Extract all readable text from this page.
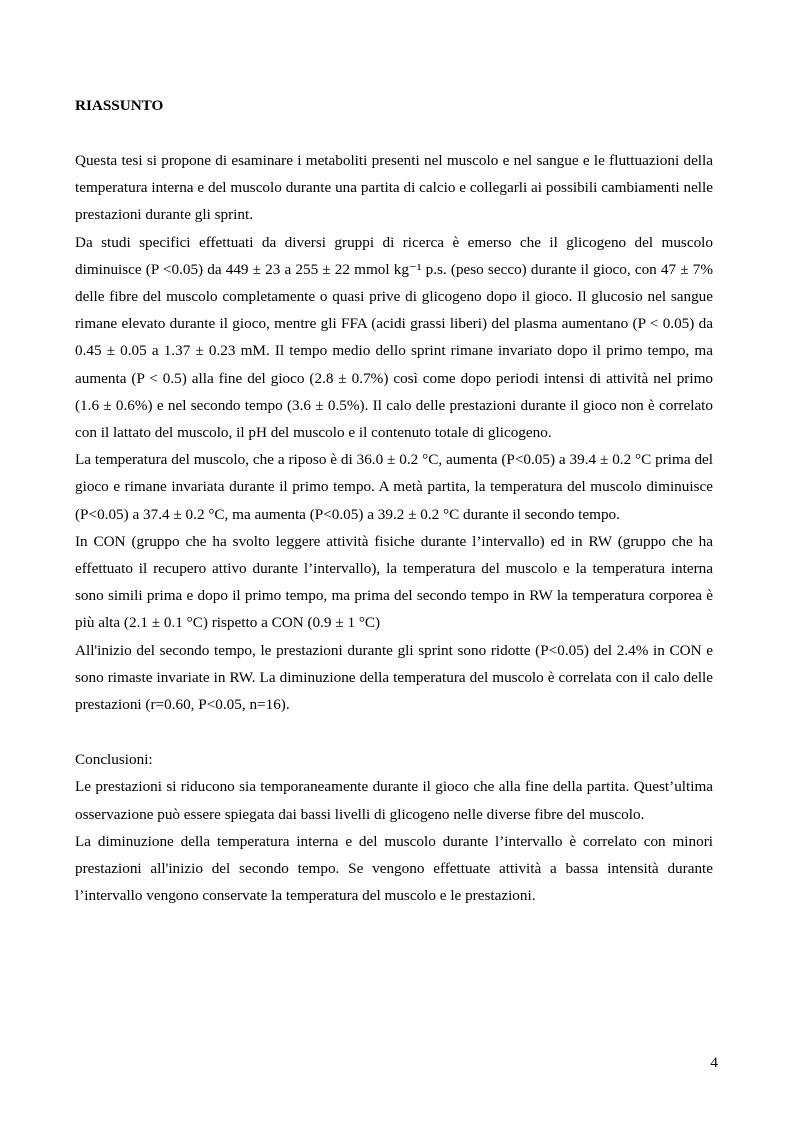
RIASSUNTO

Questa tesi si propone di esaminare i metaboliti presenti nel muscolo e nel sangue e le fluttuazioni della temperatura interna e del muscolo durante una partita di calcio e collegarli ai possibili cambiamenti nelle prestazioni durante gli sprint.

Da studi specifici effettuati da diversi gruppi di ricerca è emerso che il glicogeno del muscolo diminuisce (P <0.05) da 449 ± 23 a 255 ± 22 mmol kg⁻¹ p.s. (peso secco) durante il gioco, con 47 ± 7% delle fibre del muscolo completamente o quasi prive di glicogeno dopo il gioco. Il glucosio nel sangue rimane elevato durante il gioco, mentre gli FFA (acidi grassi liberi) del plasma aumentano (P < 0.05) da 0.45 ± 0.05 a 1.37 ± 0.23 mM. Il tempo medio dello sprint rimane invariato dopo il primo tempo, ma aumenta (P < 0.5) alla fine del gioco (2.8 ± 0.7%) così come dopo periodi intensi di attività nel primo (1.6 ± 0.6%) e nel secondo tempo (3.6 ± 0.5%). Il calo delle prestazioni durante il gioco non è correlato con il lattato del muscolo, il pH del muscolo e il contenuto totale di glicogeno.

La temperatura del muscolo, che a riposo è di 36.0 ± 0.2 °C, aumenta (P<0.05) a 39.4 ± 0.2 °C prima del gioco e rimane invariata durante il primo tempo. A metà partita, la temperatura del muscolo diminuisce (P<0.05) a 37.4 ± 0.2 °C, ma aumenta (P<0.05) a 39.2 ± 0.2 °C durante il secondo tempo.

In CON (gruppo che ha svolto leggere attività fisiche durante l’intervallo) ed in RW (gruppo che ha effettuato il recupero attivo durante l’intervallo), la temperatura del muscolo e la temperatura interna sono simili prima e dopo il primo tempo, ma prima del secondo tempo in RW la temperatura corporea è più alta (2.1 ± 0.1 °C) rispetto a CON (0.9 ± 1 °C)

All'inizio del secondo tempo, le prestazioni durante gli sprint sono ridotte (P<0.05) del 2.4% in CON e sono rimaste invariate in RW. La diminuzione della temperatura del muscolo è correlata con il calo delle prestazioni (r=0.60, P<0.05, n=16).

Conclusioni:

Le prestazioni si riducono sia temporaneamente durante il gioco che alla fine della partita. Quest’ultima osservazione può essere spiegata dai bassi livelli di glicogeno nelle diverse fibre del muscolo.

La diminuzione della temperatura interna e del muscolo durante l’intervallo è correlato con minori prestazioni all'inizio del secondo tempo. Se vengono effettuate attività a bassa intensità durante l’intervallo vengono conservate la temperatura del muscolo e le prestazioni.

4
